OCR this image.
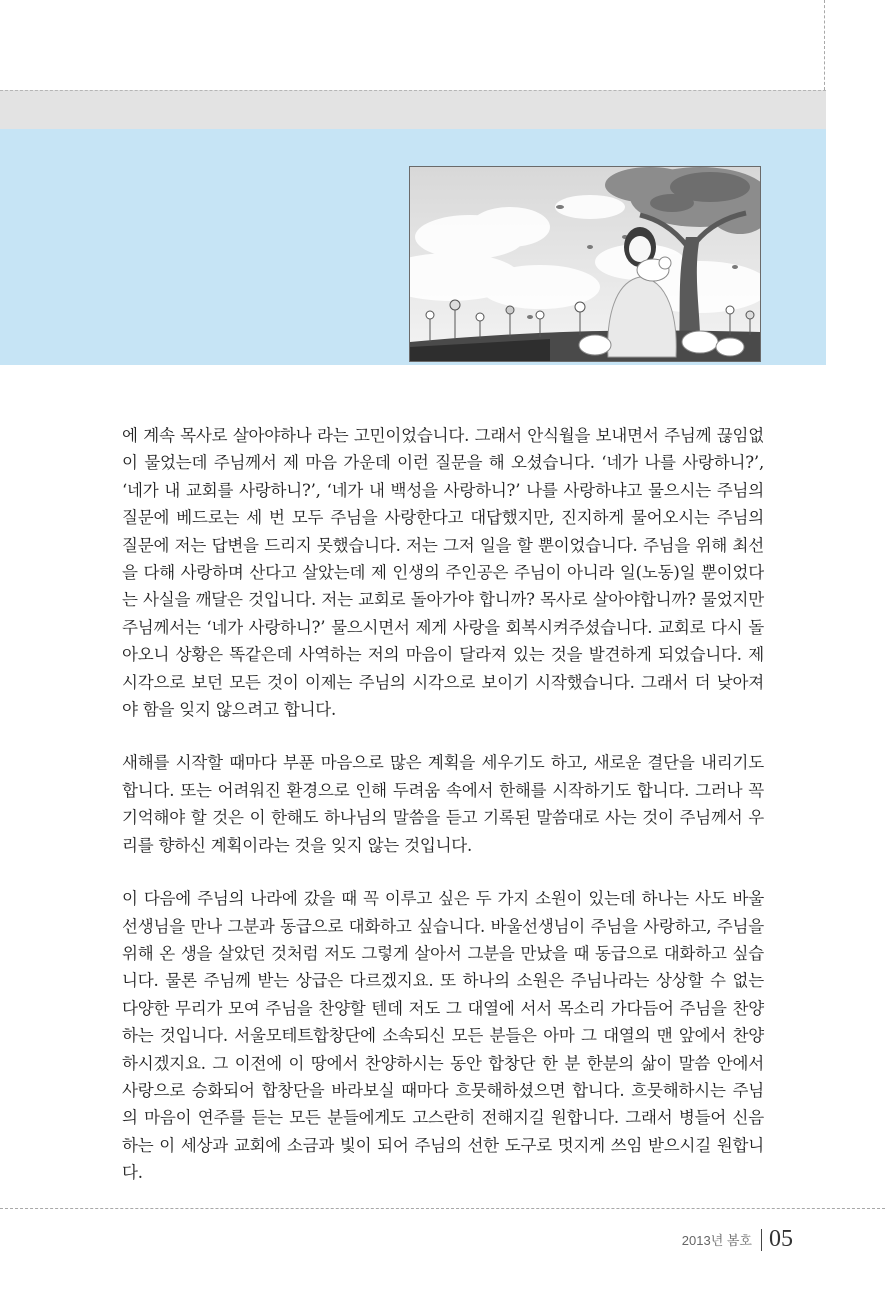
에 계속 목사로 살아야하나 라는 고민이었습니다. 그래서 안식월을 보내면서 주님께 끊임없이 물었는데 주님께서 제 마음 가운데 이런 질문을 해 오셨습니다. ‘네가 나를 사랑하니?’, ‘네가 내 교회를 사랑하니?’, ‘네가 내 백성을 사랑하니?’ 나를 사랑하냐고 물으시는 주님의 질문에 베드로는 세 번 모두 주님을 사랑한다고 대답했지만, 진지하게 물어오시는 주님의 질문에 저는 답변을 드리지 못했습니다. 저는 그저 일을 할 뿐이었습니다. 주님을 위해 최선을 다해 사랑하며 산다고 살았는데 제 인생의 주인공은 주님이 아니라 일(노동)일 뿐이었다는 사실을 깨달은 것입니다. 저는 교회로 돌아가야 합니까? 목사로 살아야합니까? 물었지만 주님께서는 ‘네가 사랑하니?’ 물으시면서 제게 사랑을 회복시켜주셨습니다. 교회로 다시 돌아오니 상황은 똑같은데 사역하는 저의 마음이 달라져 있는 것을 발견하게 되었습니다. 제 시각으로 보던 모든 것이 이제는 주님의 시각으로 보이기 시작했습니다. 그래서 더 낮아져야 함을 잊지 않으려고 합니다.

새해를 시작할 때마다 부푼 마음으로 많은 계획을 세우기도 하고, 새로운 결단을 내리기도 합니다. 또는 어려워진 환경으로 인해 두려움 속에서 한해를 시작하기도 합니다. 그러나 꼭 기억해야 할 것은 이 한해도 하나님의 말씀을 듣고 기록된 말씀대로 사는 것이 주님께서 우리를 향하신 계획이라는 것을 잊지 않는 것입니다.

이 다음에 주님의 나라에 갔을 때 꼭 이루고 싶은 두 가지 소원이 있는데 하나는 사도 바울선생님을 만나 그분과 동급으로 대화하고 싶습니다. 바울선생님이 주님을 사랑하고, 주님을 위해 온 생을 살았던 것처럼 저도 그렇게 살아서 그분을 만났을 때 동급으로 대화하고 싶습니다. 물론 주님께 받는 상급은 다르겠지요. 또 하나의 소원은 주님나라는 상상할 수 없는 다양한 무리가 모여 주님을 찬양할 텐데 저도 그 대열에 서서 목소리 가다듬어 주님을 찬양하는 것입니다. 서울모테트합창단에 소속되신 모든 분들은 아마 그 대열의 맨 앞에서 찬양하시겠지요. 그 이전에 이 땅에서 찬양하시는 동안 합창단 한 분 한분의 삶이 말씀 안에서 사랑으로 승화되어 합창단을 바라보실 때마다 흐뭇해하셨으면 합니다. 흐뭇해하시는 주님의 마음이 연주를 듣는 모든 분들에게도 고스란히 전해지길 원합니다. 그래서 병들어 신음하는 이 세상과 교회에 소금과 빛이 되어 주님의 선한 도구로 멋지게 쓰임 받으시길 원합니다.

2013년 봄호 05
